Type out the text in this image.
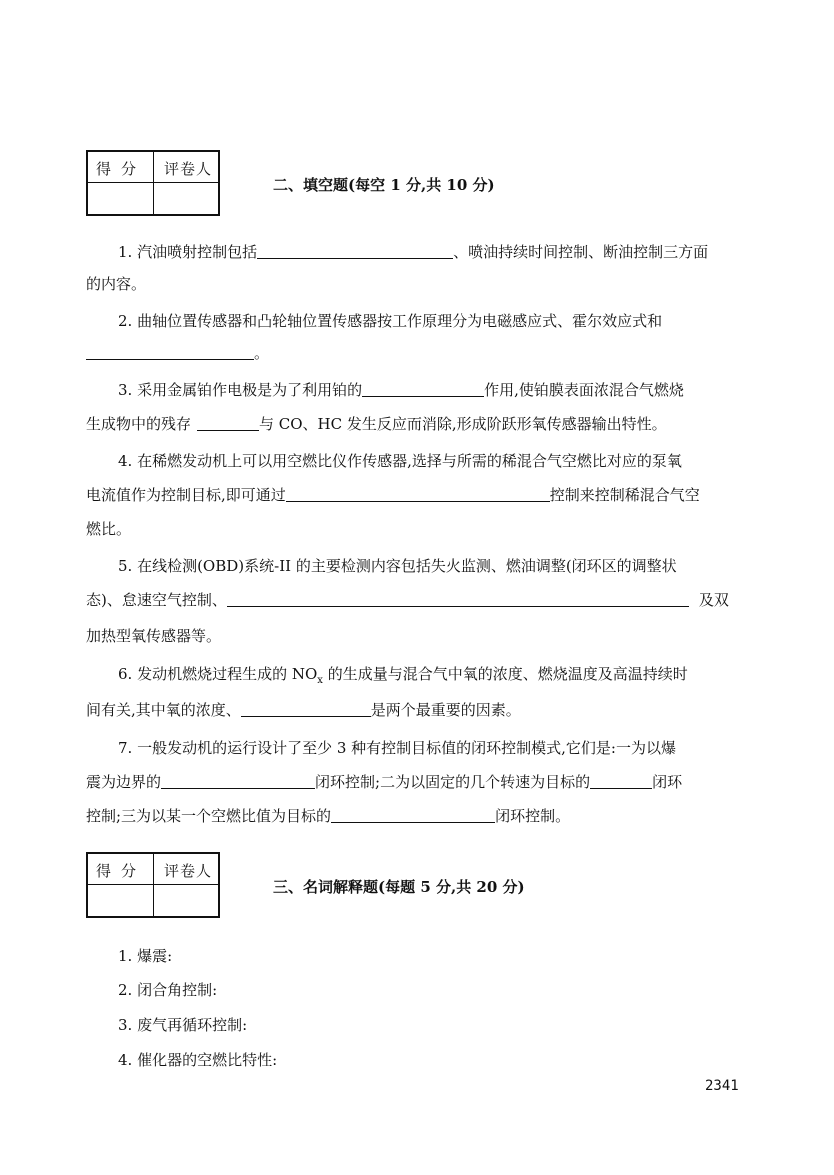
得分	评卷人
二、填空题(每空 1 分,共 10 分)
1. 汽油喷射控制包括	、喷油持续时间控制、断油控制三方面
的内容。
2. 曲轴位置传感器和凸轮轴位置传感器按工作原理分为电磁感应式、霍尔效应式和
。
3. 采用金属铂作电极是为了利用铂的	作用,使铂膜表面浓混合气燃烧
生成物中的残存	与 CO、HC 发生反应而消除,形成阶跃形氧传感器输出特性。
4. 在稀燃发动机上可以用空燃比仪作传感器,选择与所需的稀混合气空燃比对应的泵氧
电流值作为控制目标,即可通过	控制来控制稀混合气空
燃比。
5. 在线检测(OBD)系统-II 的主要检测内容包括失火监测、燃油调整(闭环区的调整状
态)、怠速空气控制、	及双
加热型氧传感器等。
6. 发动机燃烧过程生成的 $NO_x$ 的生成量与混合气中氧的浓度、燃烧温度及高温持续时
间有关,其中氧的浓度、	是两个最重要的因素。
7. 一般发动机的运行设计了至少 3 种有控制目标值的闭环控制模式,它们是:一为以爆
震为边界的	闭环控制;二为以固定的几个转速为目标的	闭环
控制;三为以某一个空燃比值为目标的	闭环控制。
得分	评卷人
三、名词解释题(每题 5 分,共 20 分)
1. 爆震:
2. 闭合角控制:
3. 废气再循环控制:
4. 催化器的空燃比特性:
2341
